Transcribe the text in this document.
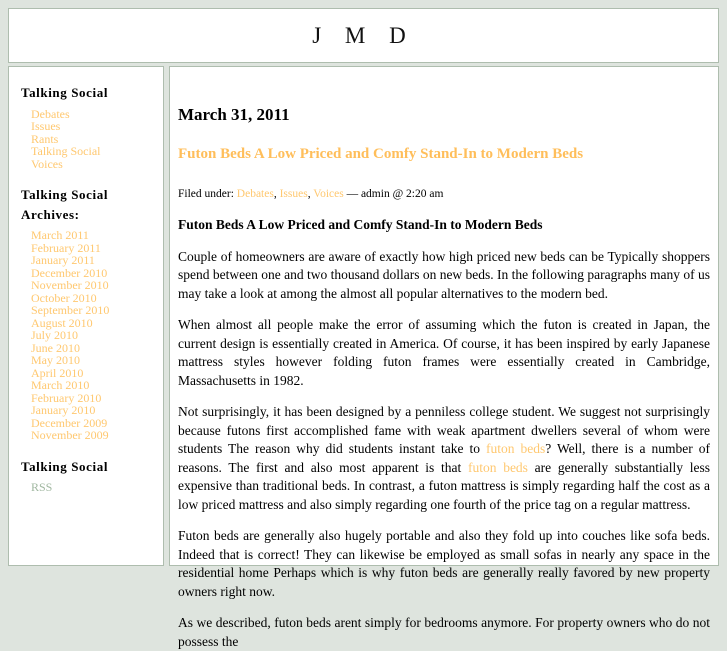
J M D
Talking Social
Debates
Issues
Rants
Talking Social
Voices
Talking Social Archives:
March 2011
February 2011
January 2011
December 2010
November 2010
October 2010
September 2010
August 2010
July 2010
June 2010
May 2010
April 2010
March 2010
February 2010
January 2010
December 2009
November 2009
Talking Social
RSS
March 31, 2011
Futon Beds A Low Priced and Comfy Stand-In to Modern Beds

Filed under: Debates, Issues, Voices — admin @ 2:20 am

Futon Beds A Low Priced and Comfy Stand-In to Modern Beds

Couple of homeowners are aware of exactly how high priced new beds can be Typically shoppers spend between one and two thousand dollars on new beds. In the following paragraphs many of us may take a look at among the almost all popular alternatives to the modern bed.

When almost all people make the error of assuming which the futon is created in Japan, the current design is essentially created in America. Of course, it has been inspired by early Japanese mattress styles however folding futon frames were essentially created in Cambridge, Massachusetts in 1982.

Not surprisingly, it has been designed by a penniless college student. We suggest not surprisingly because futons first accomplished fame with weak apartment dwellers several of whom were students The reason why did students instant take to futon beds? Well, there is a number of reasons. The first and also most apparent is that futon beds are generally substantially less expensive than traditional beds. In contrast, a futon mattress is simply regarding half the cost as a low priced mattress and also simply regarding one fourth of the price tag on a regular mattress.

Futon beds are generally also hugely portable and also they fold up into couches like sofa beds. Indeed that is correct! They can likewise be employed as small sofas in nearly any space in the residential home Perhaps which is why futon beds are generally really favored by new property owners right now.

As we described, futon beds arent simply for bedrooms anymore. For property owners who do not possess the
